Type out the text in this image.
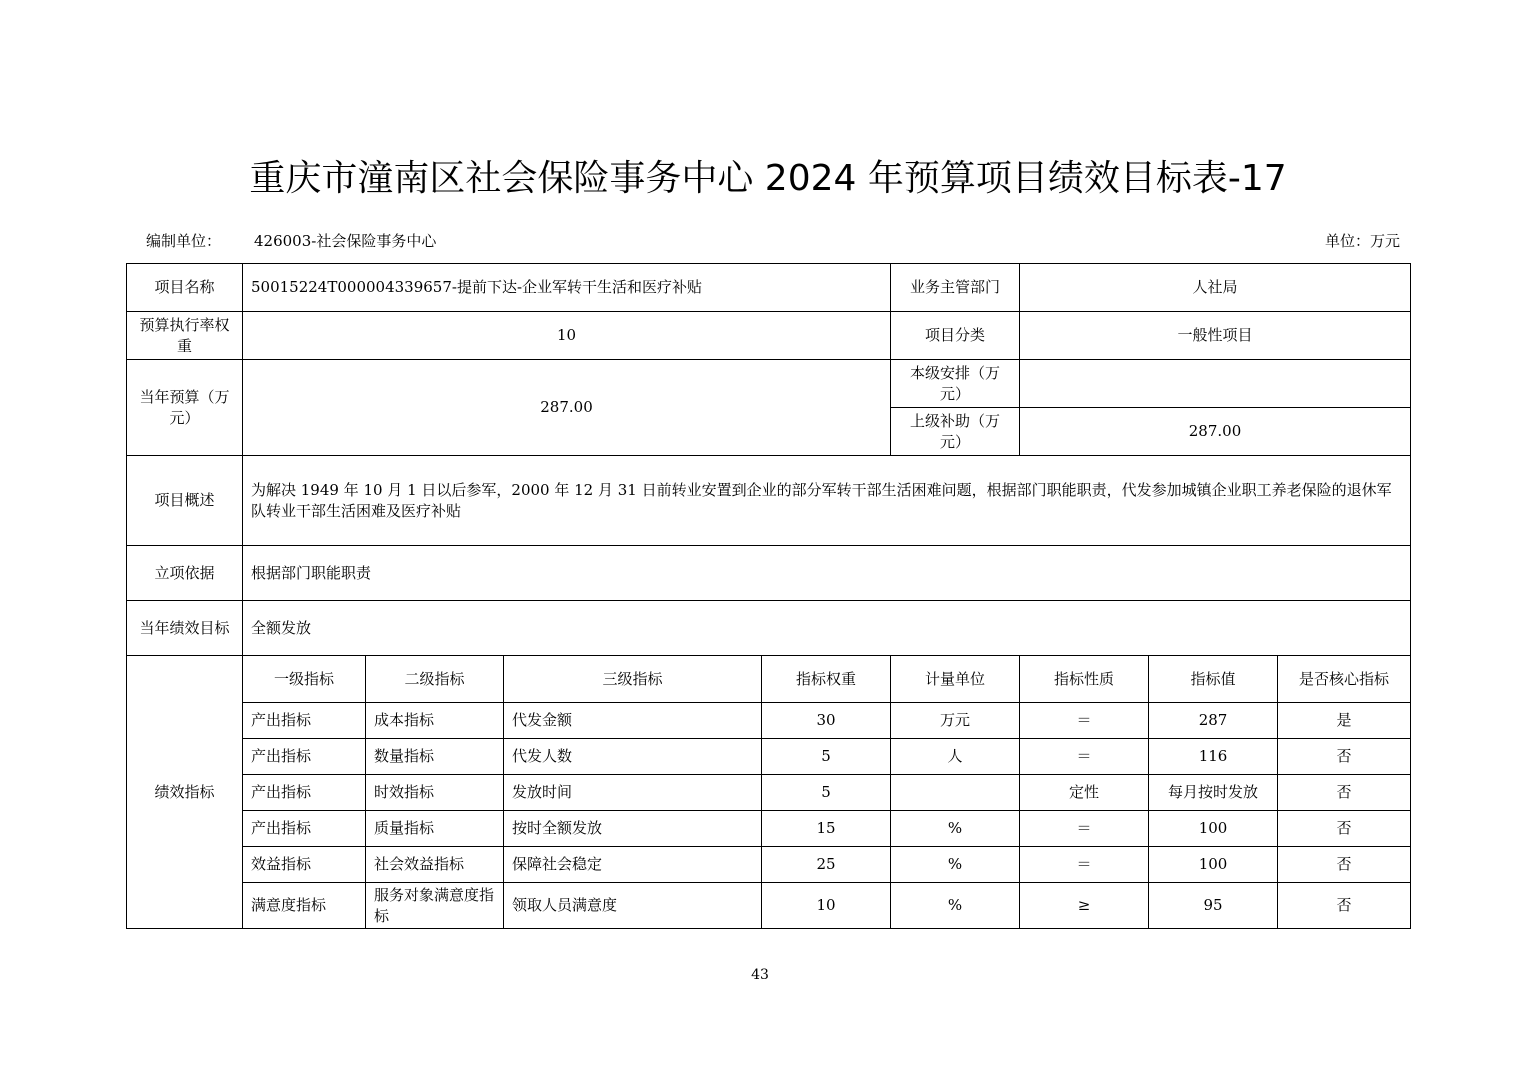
重庆市潼南区社会保险事务中心 2024 年预算项目绩效目标表-17
编制单位： 426003-社会保险事务中心	单位：万元
项目名称	50015224T000004339657-提前下达-企业军转干生活和医疗补贴				业务主管部门	人社局		
预算执行率权重	10				项目分类	一般性项目		
当年预算（万元）	287.00				本级安排（万元）			
					上级补助（万元）	287.00		
项目概述	为解决 1949 年 10 月 1 日以后参军，2000 年 12 月 31 日前转业安置到企业的部分军转干部生活困难问题，根据部门职能职责，代发参加城镇企业职工养老保险的退休军队转业干部生活困难及医疗补贴							
立项依据	根据部门职能职责							
当年绩效目标	全额发放							
绩效指标	一级指标	二级指标	三级指标	指标权重	计量单位	指标性质	指标值	是否核心指标
	产出指标	成本指标	代发金额	30	万元	＝	287	是
	产出指标	数量指标	代发人数	5	人	＝	116	否
	产出指标	时效指标	发放时间	5		定性	每月按时发放	否
	产出指标	质量指标	按时全额发放	15	%	＝	100	否
	效益指标	社会效益指标	保障社会稳定	25	%	＝	100	否
	满意度指标	服务对象满意度指标	领取人员满意度	10	%	≥	95	否
43
